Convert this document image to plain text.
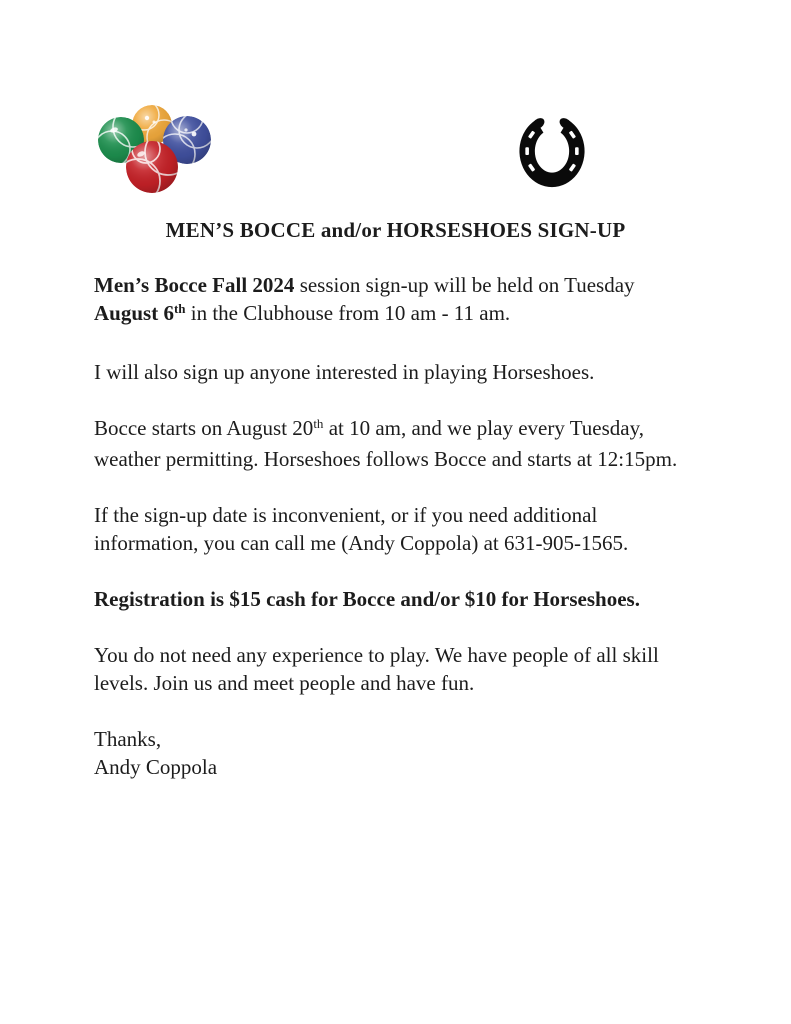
MEN’S BOCCE and/or HORSESHOES SIGN-UP

Men’s Bocce Fall 2024 session sign-up will be held on Tuesday
August 6th in the Clubhouse from 10 am - 11 am.

I will also sign up anyone interested in playing Horseshoes.

Bocce starts on August 20th at 10 am, and we play every Tuesday, weather permitting. Horseshoes follows Bocce and starts at 12:15pm.

If the sign-up date is inconvenient, or if you need additional information, you can call me (Andy Coppola) at 631-905-1565.

Registration is $15 cash for Bocce and/or $10 for Horseshoes.

You do not need any experience to play. We have people of all skill levels. Join us and meet people and have fun.

Thanks,
Andy Coppola
